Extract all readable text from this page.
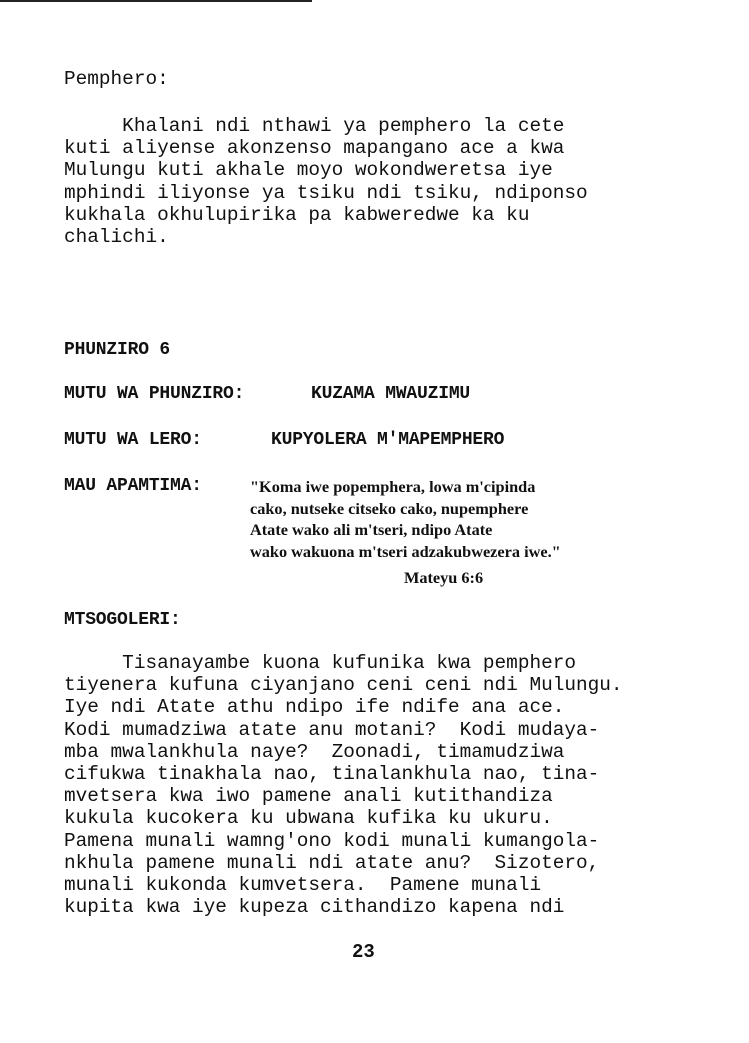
Pemphero:

Khalani ndi nthawi ya pemphero la cete
kuti aliyense akonzenso mapangano ace a kwa
Mulungu kuti akhale moyo wokondweretsa iye
mphindi iliyonse ya tsiku ndi tsiku, ndiponso
kukhala okhulupirika pa kabweredwe ka ku
chalichi.

PHUNZIRO 6
MUTU WA PHUNZIRO:	KUZAMA MWAUZIMU
MUTU WA LERO:	KUPYOLERA M'MAPEMPHERO
MAU APAMTIMA:	"Koma iwe popemphera, lowa m'cipinda
cako, nutseke citseko cako, nupemphere
Atate wako ali m'tseri, ndipo Atate
wako wakuona m'tseri adzakubwezera iwe."

Mateyu 6:6
MTSOGOLERI:

Tisanayambe kuona kufunika kwa pemphero
tiyenera kufuna ciyanjano ceni ceni ndi Mulungu.
Iye ndi Atate athu ndipo ife ndife ana ace.
Kodi mumadziwa atate anu motani?  Kodi mudaya-
mba mwalankhula naye?  Zoonadi, timamudziwa
cifukwa tinakhala nao, tinalankhula nao, tina-
mvetsera kwa iwo pamene anali kutithandiza
kukula kucokera ku ubwana kufika ku ukuru.
Pamena munali wamng'ono kodi munali kumangola-
nkhula pamene munali ndi atate anu?  Sizotero,
munali kukonda kumvetsera.  Pamene munali
kupita kwa iye kupeza cithandizo kapena ndi

23
